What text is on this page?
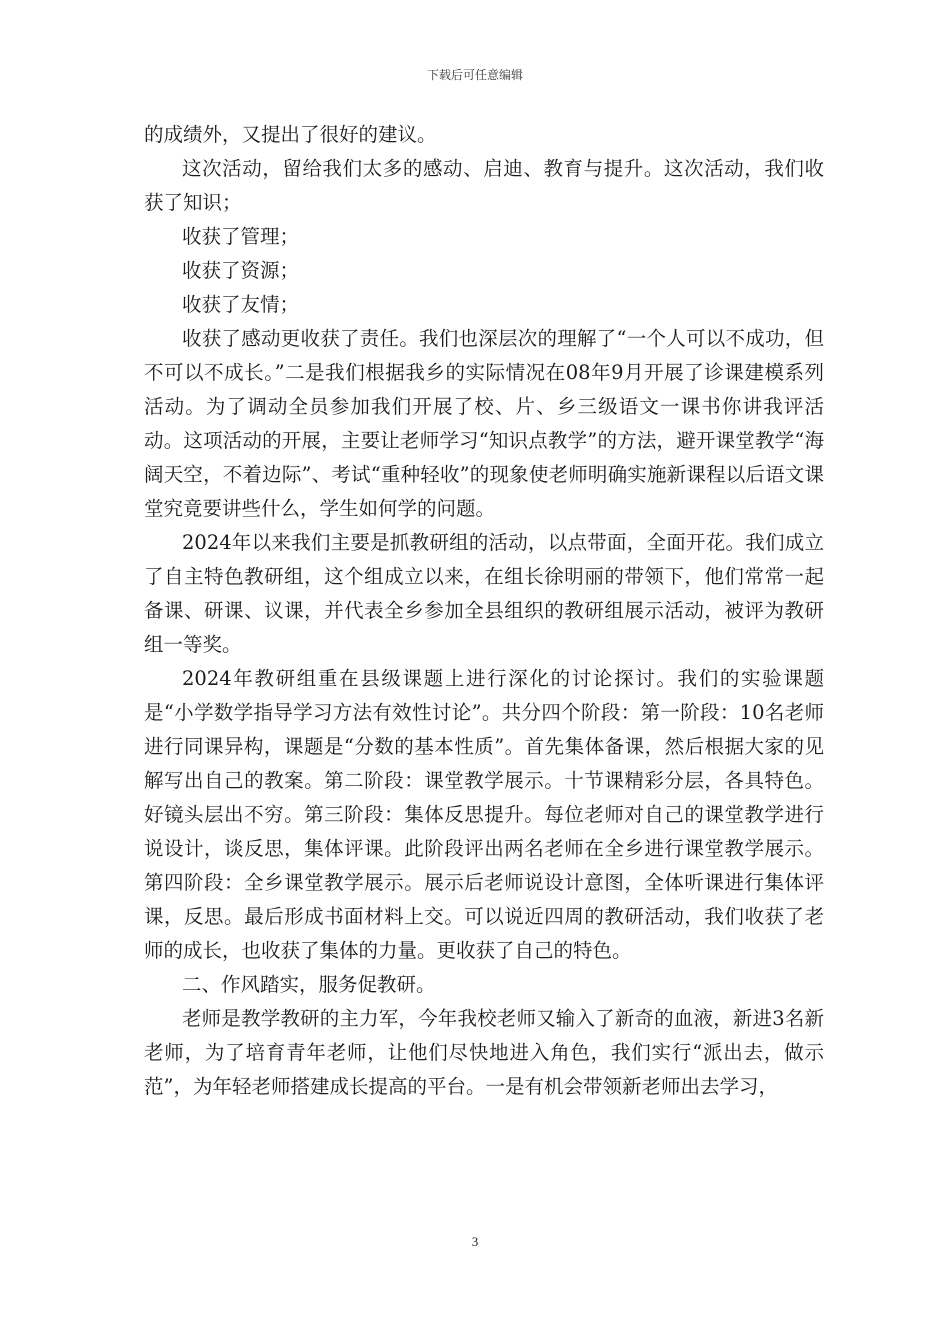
下载后可任意编辑

的成绩外，又提出了很好的建议。

这次活动，留给我们太多的感动、启迪、教育与提升。这次活动，我们收获了知识；

收获了管理；

收获了资源；

收获了友情；

收获了感动更收获了责任。我们也深层次的理解了“一个人可以不成功，但不可以不成长。”二是我们根据我乡的实际情况在08年9月开展了诊课建模系列活动。为了调动全员参加我们开展了校、片、乡三级语文一课书你讲我评活动。这项活动的开展，主要让老师学习“知识点教学”的方法，避开课堂教学“海阔天空，不着边际”、考试“重种轻收”的现象使老师明确实施新课程以后语文课堂究竟要讲些什么，学生如何学的问题。

2024年以来我们主要是抓教研组的活动，以点带面，全面开花。我们成立了自主特色教研组，这个组成立以来，在组长徐明丽的带领下，他们常常一起备课、研课、议课，并代表全乡参加全县组织的教研组展示活动，被评为教研组一等奖。

2024年教研组重在县级课题上进行深化的讨论探讨。我们的实验课题是“小学数学指导学习方法有效性讨论”。共分四个阶段：第一阶段：10名老师进行同课异构，课题是“分数的基本性质”。首先集体备课，然后根据大家的见解写出自己的教案。第二阶段：课堂教学展示。十节课精彩分层，各具特色。好镜头层出不穷。第三阶段：集体反思提升。每位老师对自己的课堂教学进行说设计，谈反思，集体评课。此阶段评出两名老师在全乡进行课堂教学展示。第四阶段：全乡课堂教学展示。展示后老师说设计意图，全体听课进行集体评课，反思。最后形成书面材料上交。可以说近四周的教研活动，我们收获了老师的成长，也收获了集体的力量。更收获了自己的特色。

二、作风踏实，服务促教研。

老师是教学教研的主力军，今年我校老师又输入了新奇的血液，新进3名新老师，为了培育青年老师，让他们尽快地进入角色，我们实行“派出去，做示范”，为年轻老师搭建成长提高的平台。一是有机会带领新老师出去学习，

3
